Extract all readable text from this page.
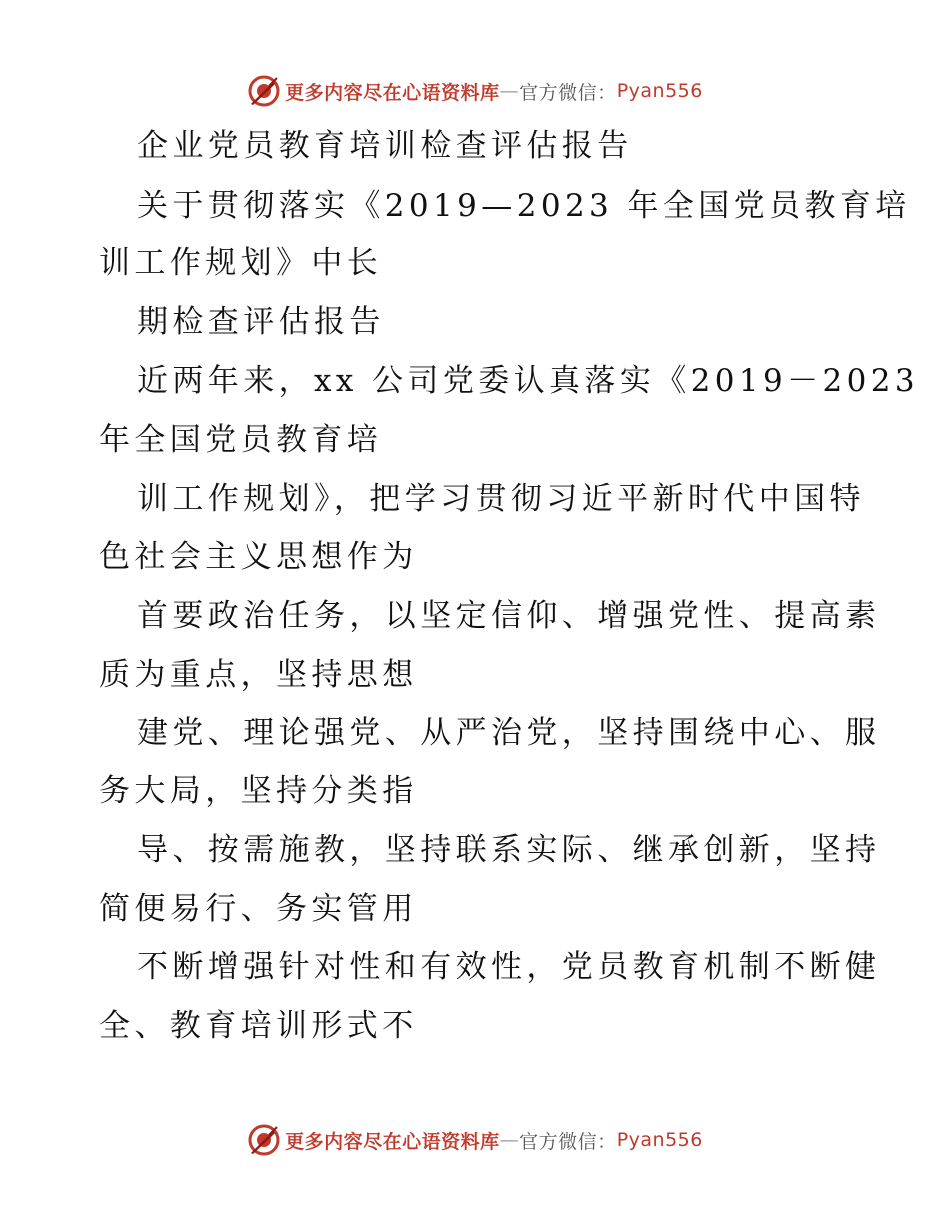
更多内容尽在心语资料库 — 官方微信： Pyan556

企业党员教育培训检查评估报告

关于贯彻落实《2019—2023 年全国党员教育培

训工作规划》中长

期检查评估报告

近两年来，xx 公司党委认真落实《2019－2023

年全国党员教育培

训工作规划》，把学习贯彻习近平新时代中国特

色社会主义思想作为

首要政治任务，以坚定信仰、增强党性、提高素

质为重点，坚持思想

建党、理论强党、从严治党，坚持围绕中心、服

务大局，坚持分类指

导、按需施教，坚持联系实际、继承创新，坚持

简便易行、务实管用

不断增强针对性和有效性，党员教育机制不断健

全、教育培训形式不

更多内容尽在心语资料库 — 官方微信： Pyan556
